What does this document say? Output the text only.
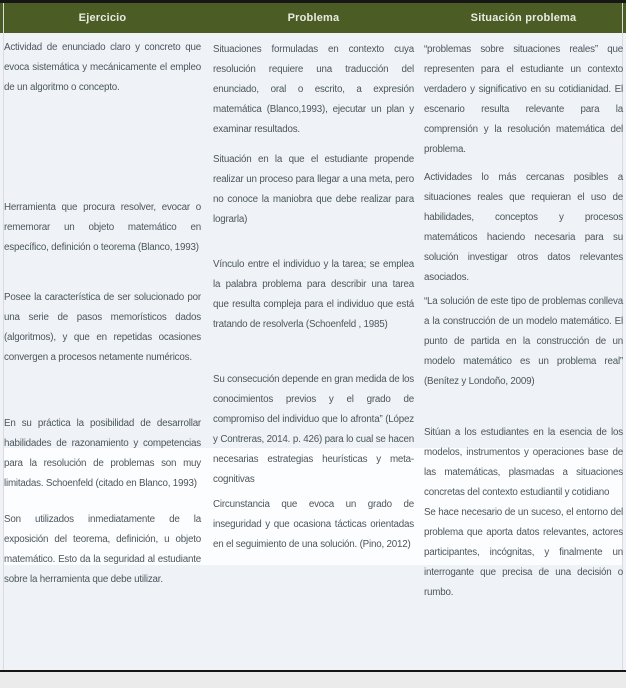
Ejercicio	Problema	Situación problema

Actividad de enunciado claro y concreto que evoca sistemática y mecánicamente el empleo de un algoritmo o concepto.

Herramienta que procura resolver, evocar o rememorar un objeto matemático en específico, definición o teorema (Blanco, 1993)

Posee la característica de ser solucionado por una serie de pasos memorísticos dados (algoritmos), y que en repetidas ocasiones convergen a procesos netamente numéricos.

En su práctica la posibilidad de desarrollar habilidades de razonamiento y competencias para la resolución de problemas son muy limitadas. Schoenfeld (citado en Blanco, 1993)

Son utilizados inmediatamente de la exposición del teorema, definición, u objeto matemático. Esto da la seguridad al estudiante sobre la herramienta que debe utilizar.

Situaciones formuladas en contexto cuya resolución requiere una traducción del enunciado, oral o escrito, a expresión matemática (Blanco,1993), ejecutar un plan y examinar resultados.

Situación en la que el estudiante propende realizar un proceso para llegar a una meta, pero no conoce la maniobra que debe realizar para lograrla)

Vínculo entre el individuo y la tarea; se emplea la palabra problema para describir una tarea que resulta compleja para el individuo que está tratando de resolverla (Schoenfeld , 1985)

Su consecución depende en gran medida de los conocimientos previos y el grado de compromiso del individuo que lo afronta” (López y Contreras, 2014. p. 426) para lo cual se hacen necesarias estrategias heurísticas y meta-cognitivas

Circunstancia que evoca un grado de inseguridad y que ocasiona tácticas orientadas en el seguimiento de una solución. (Pino, 2012)

“problemas sobre situaciones reales” que representen para el estudiante un contexto verdadero y significativo en su cotidianidad. El escenario resulta relevante para la comprensión y la resolución matemática del problema.

Actividades lo más cercanas posibles a situaciones reales que requieran el uso de habilidades, conceptos y procesos matemáticos haciendo necesaria para su solución investigar otros datos relevantes asociados.

“La solución de este tipo de problemas conlleva a la construcción de un modelo matemático. El punto de partida en la construcción de un modelo matemático es un problema real” (Benítez y Londoño, 2009)

Sitúan a los estudiantes en la esencia de los modelos, instrumentos y operaciones base de las matemáticas, plasmadas a situaciones concretas del contexto estudiantil y cotidiano

Se hace necesario de un suceso, el entorno del problema que aporta datos relevantes, actores participantes, incógnitas, y finalmente un interrogante que precisa de una decisión o rumbo.
